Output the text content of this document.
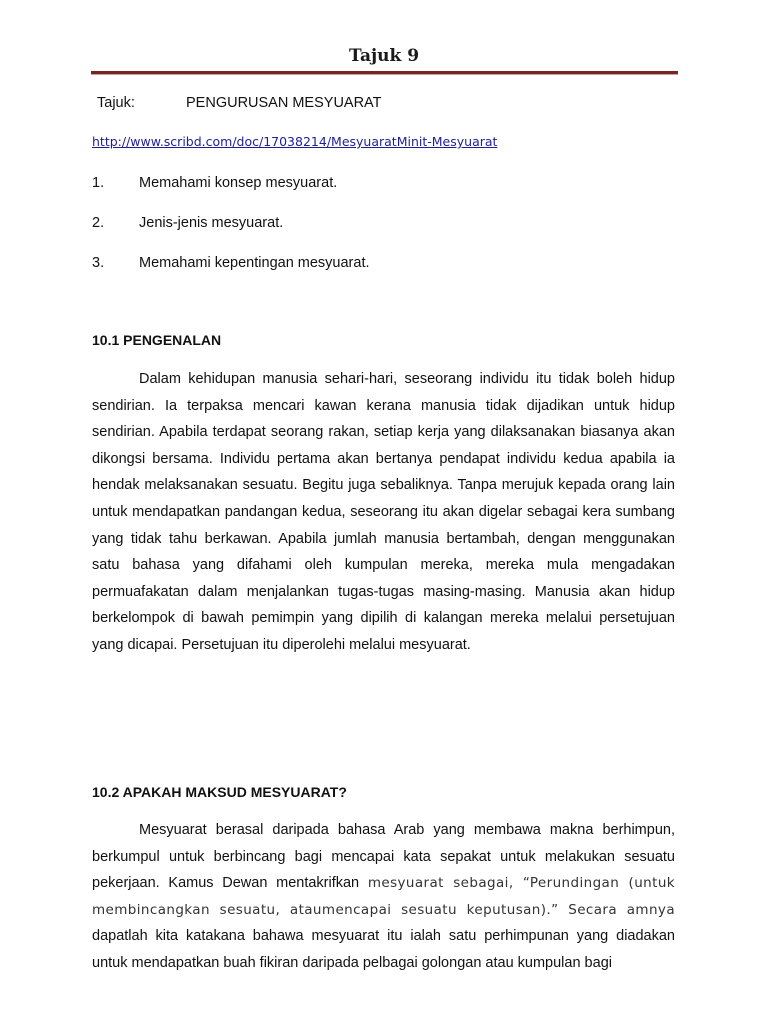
Tajuk 9
Tajuk:	PENGURUSAN MESYUARAT
http://www.scribd.com/doc/17038214/MesyuaratMinit-Mesyuarat
1. Memahami konsep mesyuarat.
2. Jenis-jenis mesyuarat.
3. Memahami kepentingan mesyuarat.
10.1 PENGENALAN

Dalam kehidupan manusia sehari-hari, seseorang individu itu tidak boleh hidup sendirian. Ia terpaksa mencari kawan kerana manusia tidak dijadikan untuk hidup sendirian. Apabila terdapat seorang rakan, setiap kerja yang dilaksanakan biasanya akan dikongsi bersama. Individu pertama akan bertanya pendapat individu kedua apabila ia hendak melaksanakan sesuatu. Begitu juga sebaliknya. Tanpa merujuk kepada orang lain untuk mendapatkan pandangan kedua, seseorang itu akan digelar sebagai kera sumbang yang tidak tahu berkawan. Apabila jumlah manusia bertambah, dengan menggunakan satu bahasa yang difahami oleh kumpulan mereka, mereka mula mengadakan permuafakatan dalam menjalankan tugas-tugas masing-masing. Manusia akan hidup berkelompok di bawah pemimpin yang dipilih di kalangan mereka melalui persetujuan yang dicapai. Persetujuan itu diperolehi melalui mesyuarat.

10.2 APAKAH MAKSUD MESYUARAT?

Mesyuarat berasal daripada bahasa Arab yang membawa makna berhimpun, berkumpul untuk berbincang bagi mencapai kata sepakat untuk melakukan sesuatu pekerjaan. Kamus Dewan mentakrifkan mesyuarat sebagai, “Perundingan (untuk membincangkan sesuatu, ataumencapai sesuatu keputusan).” Secara amnya dapatlah kita katakana bahawa mesyuarat itu ialah satu perhimpunan yang diadakan untuk mendapatkan buah fikiran daripada pelbagai golongan atau kumpulan bagi
